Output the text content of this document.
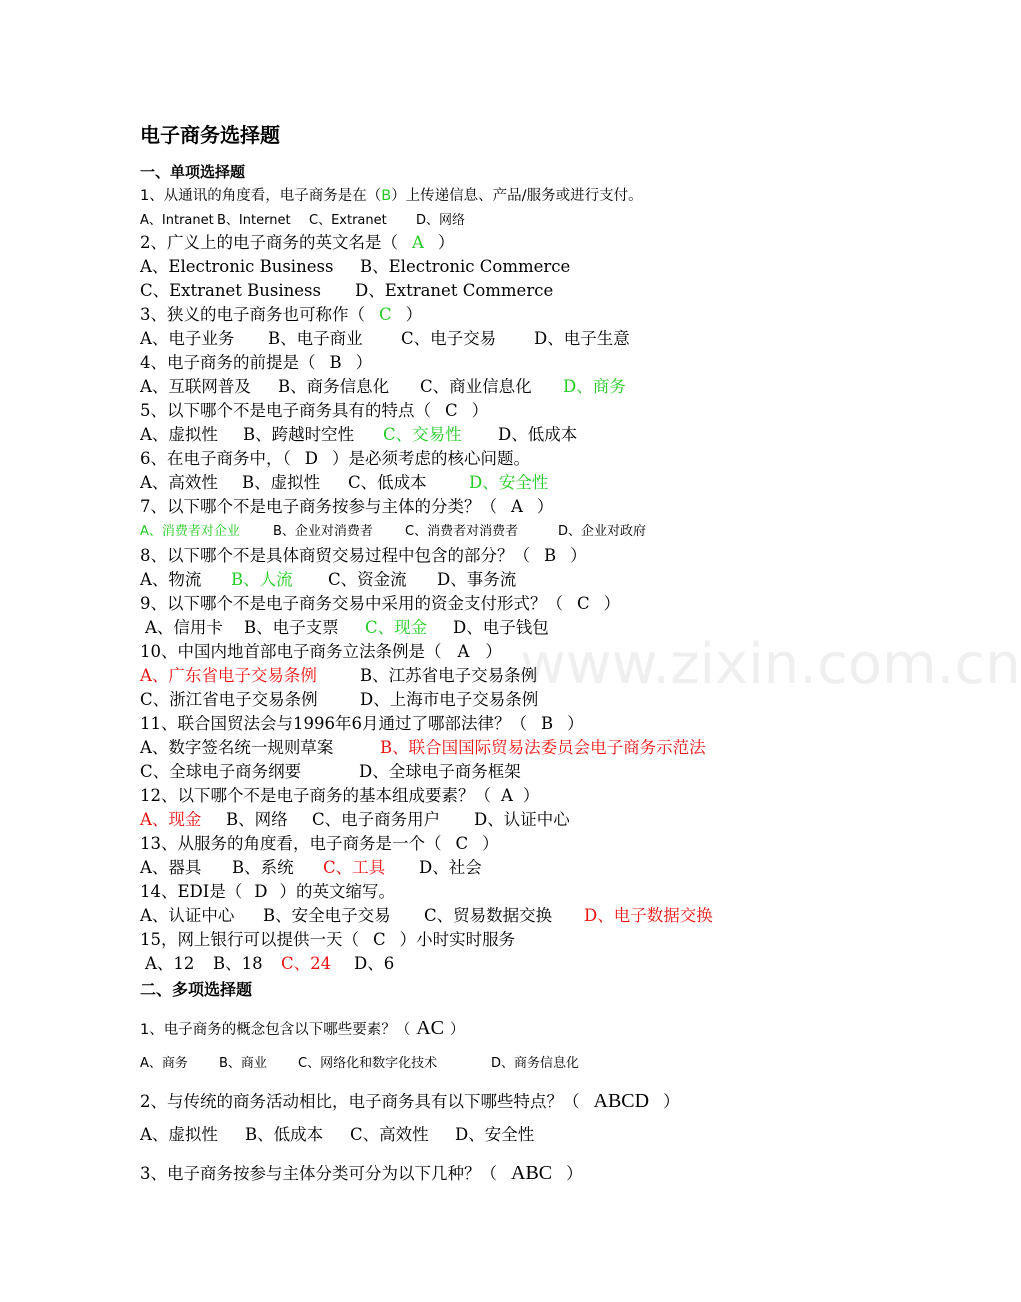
电子商务选择题
www.zixin.com.cn
一、单项选择题
1、从通讯的角度看，电子商务是在（B）上传递信息、产品/服务或进行支付。
A、Intranet B、Internet C、Extranet D、网络
2、广义上的电子商务的英文名是（ A ）
A、Electronic Business B、Electronic Commerce
C、Extranet Business D、Extranet Commerce
3、狭义的电子商务也可称作（ C ）
A、电子业务 B、电子商业 C、电子交易 D、电子生意
4、电子商务的前提是（ B ）
A、互联网普及 B、商务信息化 C、商业信息化 D、商务
5、以下哪个不是电子商务具有的特点（ C ）
A、虚拟性 B、跨越时空性 C、交易性 D、低成本
6、在电子商务中，（ D ）是必须考虑的核心问题。
A、高效性 B、虚拟性 C、低成本	D、安全性
7、以下哪个不是电子商务按参与主体的分类？（ A ）
A、消费者对企业	B、企业对消费者 C、消费者对消费者	D、企业对政府
8、以下哪个不是具体商贸交易过程中包含的部分？（ B ）
A、物流 B、人流 C、资金流 D、事务流
9、以下哪个不是电子商务交易中采用的资金支付形式？（ C ）
A、信用卡 B、电子支票 C、现金 D、电子钱包
10、中国内地首部电子商务立法条例是（ A ）
A、广东省电子交易条例	B、江苏省电子交易条例
C、浙江省电子交易条例	D、上海市电子交易条例
11、联合国贸法会与1996年6月通过了哪部法律？（ B ）
A、数字签名统一规则草案	B、联合国国际贸易法委员会电子商务示范法
C、全球电子商务纲要	D、全球电子商务框架
12、以下哪个不是电子商务的基本组成要素？（ A ）
A、现金 B、网络 C、电子商务用户 D、认证中心
13、从服务的角度看，电子商务是一个（ C ）
A、器具 B、系统 C、工具 D、社会
14、EDI是（ D ）的英文缩写。
A、认证中心 B、安全电子交易 C、贸易数据交换 D、电子数据交换
15，网上银行可以提供一天（ C ）小时实时服务
A、12 B、18 C、24 D、6
二、多项选择题
1、电子商务的概念包含以下哪些要素？（ AC ）
A、商务 B、商业 C、网络化和数字化技术	D、商务信息化
2、与传统的商务活动相比，电子商务具有以下哪些特点？（ ABCD ）
A、虚拟性 B、低成本 C、高效性 D、安全性
3、电子商务按参与主体分类可分为以下几种？（ ABC ）
